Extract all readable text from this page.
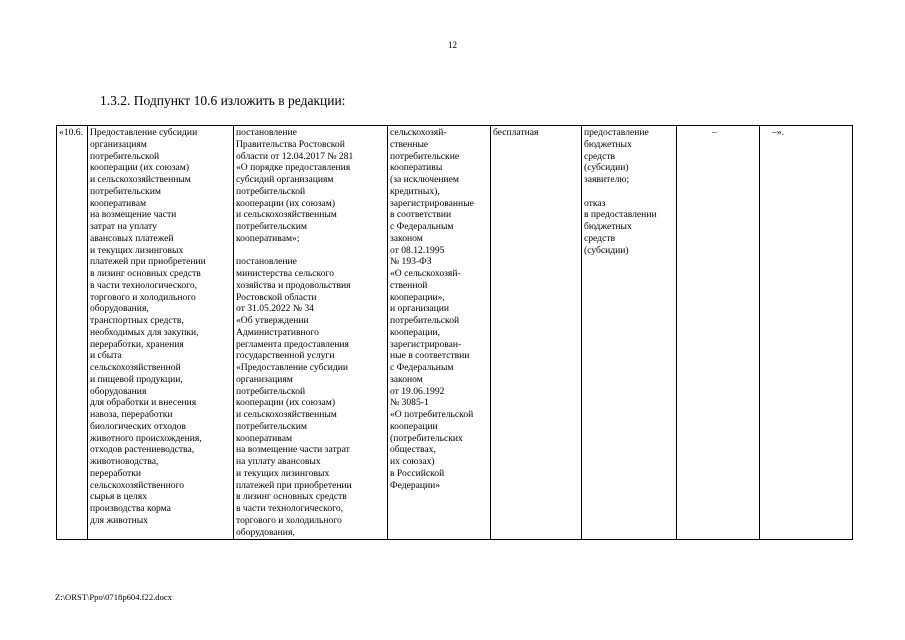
12
1.3.2. Подпункт 10.6 изложить в редакции:
«10.6.	Предоставление субсидии
организациям
потребительской
кооперации (их союзам)
и сельскохозяйственным
потребительским
кооперативам
на возмещение части
затрат на уплату
авансовых платежей
и текущих лизинговых
платежей при приобретении
в лизинг основных средств
в части технологического,
торгового и холодильного
оборудования,
транспортных средств,
необходимых для закупки,
переработки, хранения
и сбыта
сельскохозяйственной
и пищевой продукции,
оборудования
для обработки и внесения
навоза, переработки
биологических отходов
животного происхождения,
отходов растениеводства,
животноводства,
переработки
сельскохозяйственного
сырья в целях
производства корма
для животных	постановление
Правительства Ростовской
области от 12.04.2017 № 281
«О порядке предоставления
субсидий организациям
потребительской
кооперации (их союзам)
и сельскохозяйственным
потребительским
кооперативам»;

постановление
министерства сельского
хозяйства и продовольствия
Ростовской области
от 31.05.2022 № 34
«Об утверждении
Административного
регламента предоставления
государственной услуги
«Предоставление субсидии
организациям
потребительской
кооперации (их союзам)
и сельскохозяйственным
потребительским
кооперативам
на возмещение части затрат
на уплату авансовых
и текущих лизинговых
платежей при приобретении
в лизинг основных средств
в части технологического,
торгового и холодильного
оборудования,	сельскохозяй-
ственные
потребительские
кооперативы
(за исключением
кредитных),
зарегистрированные
в соответствии
с Федеральным
законом
от 08.12.1995
№ 193-ФЗ
«О сельскохозяй-
ственной
кооперации»,
и организации
потребительской
кооперации,
зарегистрирован-
ные в соответствии
с Федеральным
законом
от 19.06.1992
№ 3085-1
«О потребительской
кооперации
(потребительских
обществах,
их союзах)
в Российской
Федерации»	бесплатная	предоставление
бюджетных
средств
(субсидии)
заявителю;

отказ
в предоставлении
бюджетных
средств
(субсидии)	–	–».
Z:\ORST\Ppo\0718p604.f22.docx
